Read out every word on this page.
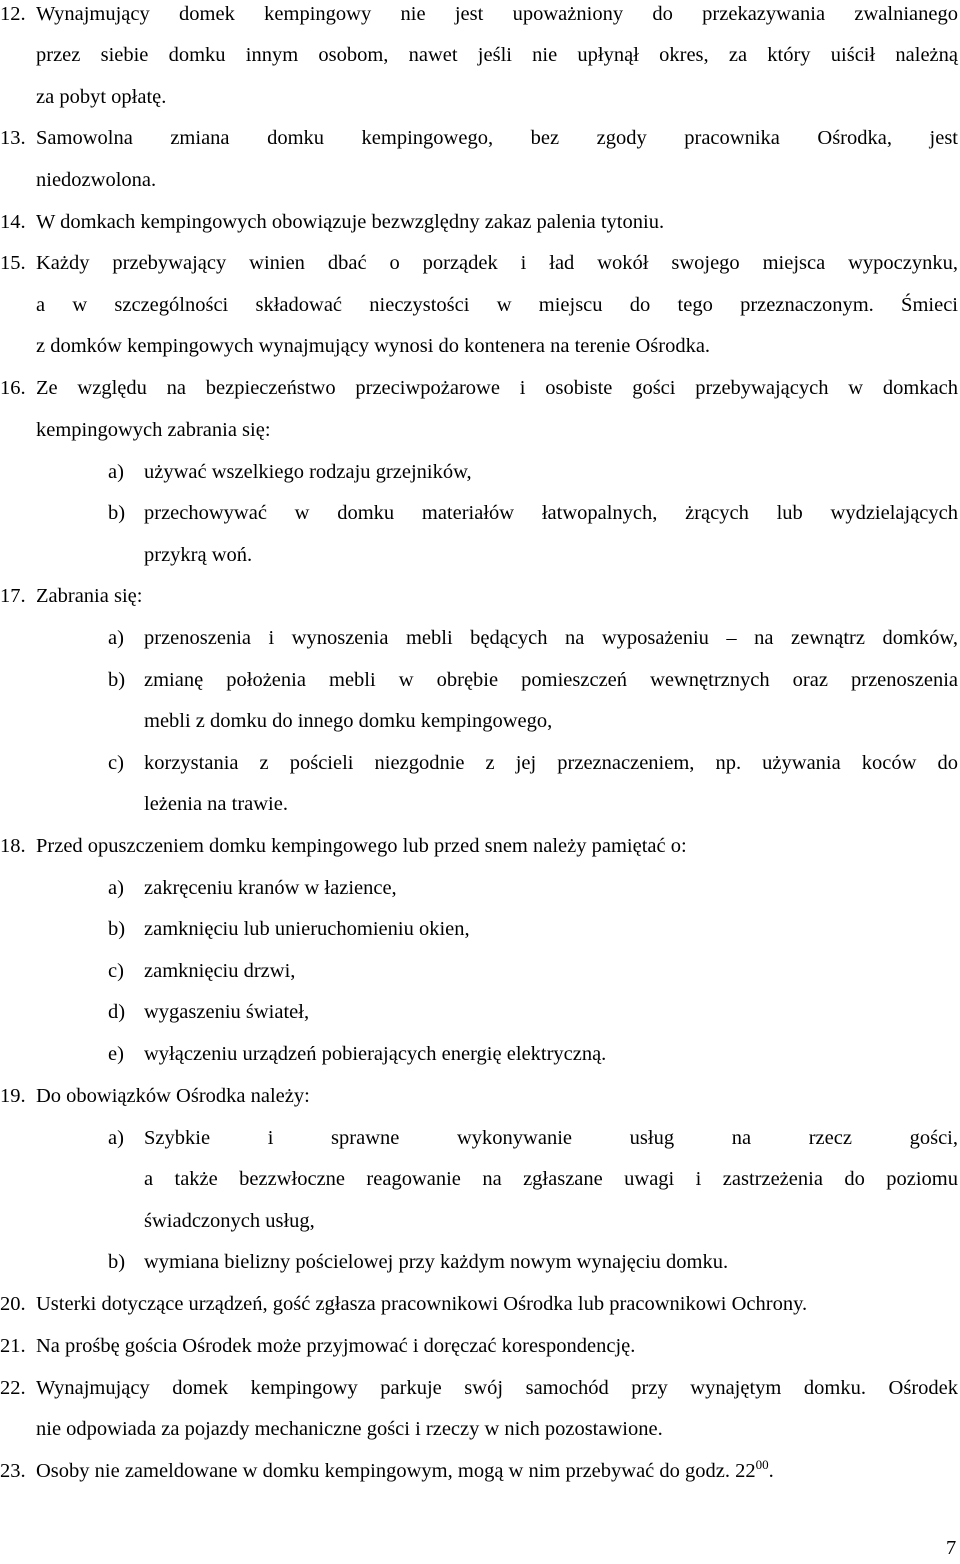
12. Wynajmujący domek kempingowy nie jest upoważniony do przekazywania zwalnianego
przez siebie domku innym osobom, nawet jeśli nie upłynął okres, za który uiścił należną
za pobyt opłatę.
13. Samowolna zmiana domku kempingowego, bez zgody pracownika Ośrodka, jest
niedozwolona.
14. W domkach kempingowych obowiązuje bezwzględny zakaz palenia tytoniu.
15. Każdy przebywający winien dbać o porządek i ład wokół swojego miejsca wypoczynku,
a w szczególności składować nieczystości w miejscu do tego przeznaczonym. Śmieci
z domków kempingowych wynajmujący wynosi do kontenera na terenie Ośrodka.
16. Ze względu na bezpieczeństwo przeciwpożarowe i osobiste gości przebywających w domkach
kempingowych zabrania się:
a) używać wszelkiego rodzaju grzejników,
b) przechowywać w domku materiałów łatwopalnych, żrących lub wydzielających
przykrą woń.
17. Zabrania się:
a) przenoszenia i wynoszenia mebli będących na wyposażeniu – na zewnątrz domków,
b) zmianę położenia mebli w obrębie pomieszczeń wewnętrznych oraz przenoszenia
mebli z domku do innego domku kempingowego,
c) korzystania z pościeli niezgodnie z jej przeznaczeniem, np. używania koców do
leżenia na trawie.
18. Przed opuszczeniem domku kempingowego lub przed snem należy pamiętać o:
a) zakręceniu kranów w łazience,
b) zamknięciu lub unieruchomieniu okien,
c) zamknięciu drzwi,
d) wygaszeniu świateł,
e) wyłączeniu urządzeń pobierających energię elektryczną.
19. Do obowiązków Ośrodka należy:
a) Szybkie i sprawne wykonywanie usług na rzecz gości,
a także bezzwłoczne reagowanie na zgłaszane uwagi i zastrzeżenia do poziomu
świadczonych usług,
b) wymiana bielizny pościelowej przy każdym nowym wynajęciu domku.
20. Usterki dotyczące urządzeń, gość zgłasza pracownikowi Ośrodka lub pracownikowi Ochrony.
21. Na prośbę gościa Ośrodek może przyjmować i doręczać korespondencję.
22. Wynajmujący domek kempingowy parkuje swój samochód przy wynajętym domku. Ośrodek
nie odpowiada za pojazdy mechaniczne gości i rzeczy w nich pozostawione.
23. Osoby nie zameldowane w domku kempingowym, mogą w nim przebywać do godz. $22^{00}$.
7
